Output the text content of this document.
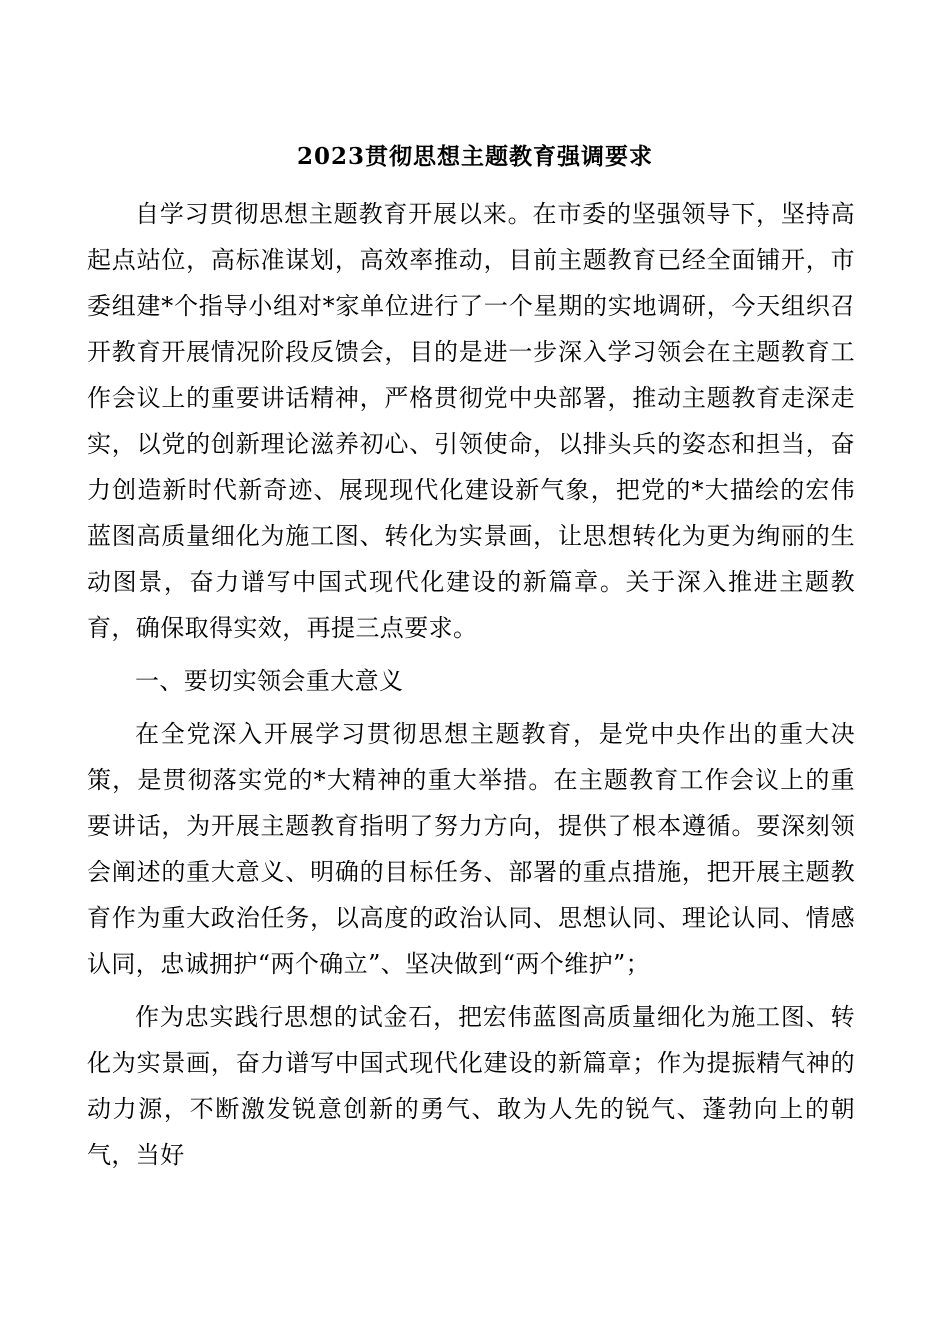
2023贯彻思想主题教育强调要求

自学习贯彻思想主题教育开展以来。在市委的坚强领导下，坚持高起点站位，高标准谋划，高效率推动，目前主题教育已经全面铺开，市委组建*个指导小组对*家单位进行了一个星期的实地调研，今天组织召开教育开展情况阶段反馈会，目的是进一步深入学习领会在主题教育工作会议上的重要讲话精神，严格贯彻党中央部署，推动主题教育走深走实，以党的创新理论滋养初心、引领使命，以排头兵的姿态和担当，奋力创造新时代新奇迹、展现现代化建设新气象，把党的*大描绘的宏伟蓝图高质量细化为施工图、转化为实景画，让思想转化为更为绚丽的生动图景，奋力谱写中国式现代化建设的新篇章。关于深入推进主题教育，确保取得实效，再提三点要求。

一、要切实领会重大意义

在全党深入开展学习贯彻思想主题教育，是党中央作出的重大决策，是贯彻落实党的*大精神的重大举措。在主题教育工作会议上的重要讲话，为开展主题教育指明了努力方向，提供了根本遵循。要深刻领会阐述的重大意义、明确的目标任务、部署的重点措施，把开展主题教育作为重大政治任务，以高度的政治认同、思想认同、理论认同、情感认同，忠诚拥护“两个确立”、坚决做到“两个维护”；

作为忠实践行思想的试金石，把宏伟蓝图高质量细化为施工图、转化为实景画，奋力谱写中国式现代化建设的新篇章；作为提振精气神的动力源，不断激发锐意创新的勇气、敢为人先的锐气、蓬勃向上的朝气，当好
